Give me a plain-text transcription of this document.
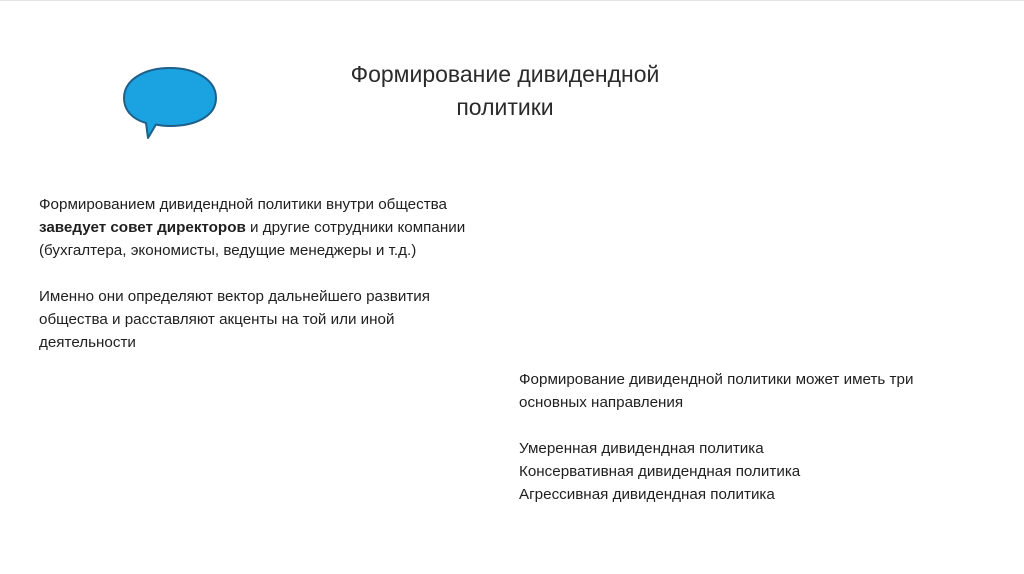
Формирование дивидендной
политики

Формированием дивидендной политики внутри общества

заведует совет директоров и другие сотрудники компании

(бухгалтера, экономисты, ведущие менеджеры и т.д.)

Именно они определяют вектор дальнейшего развития

общества и расставляют акценты на той или иной

деятельности

Формирование дивидендной политики может иметь три

основных направления

Умеренная дивидендная политика

Консервативная дивидендная политика

Агрессивная дивидендная политика
